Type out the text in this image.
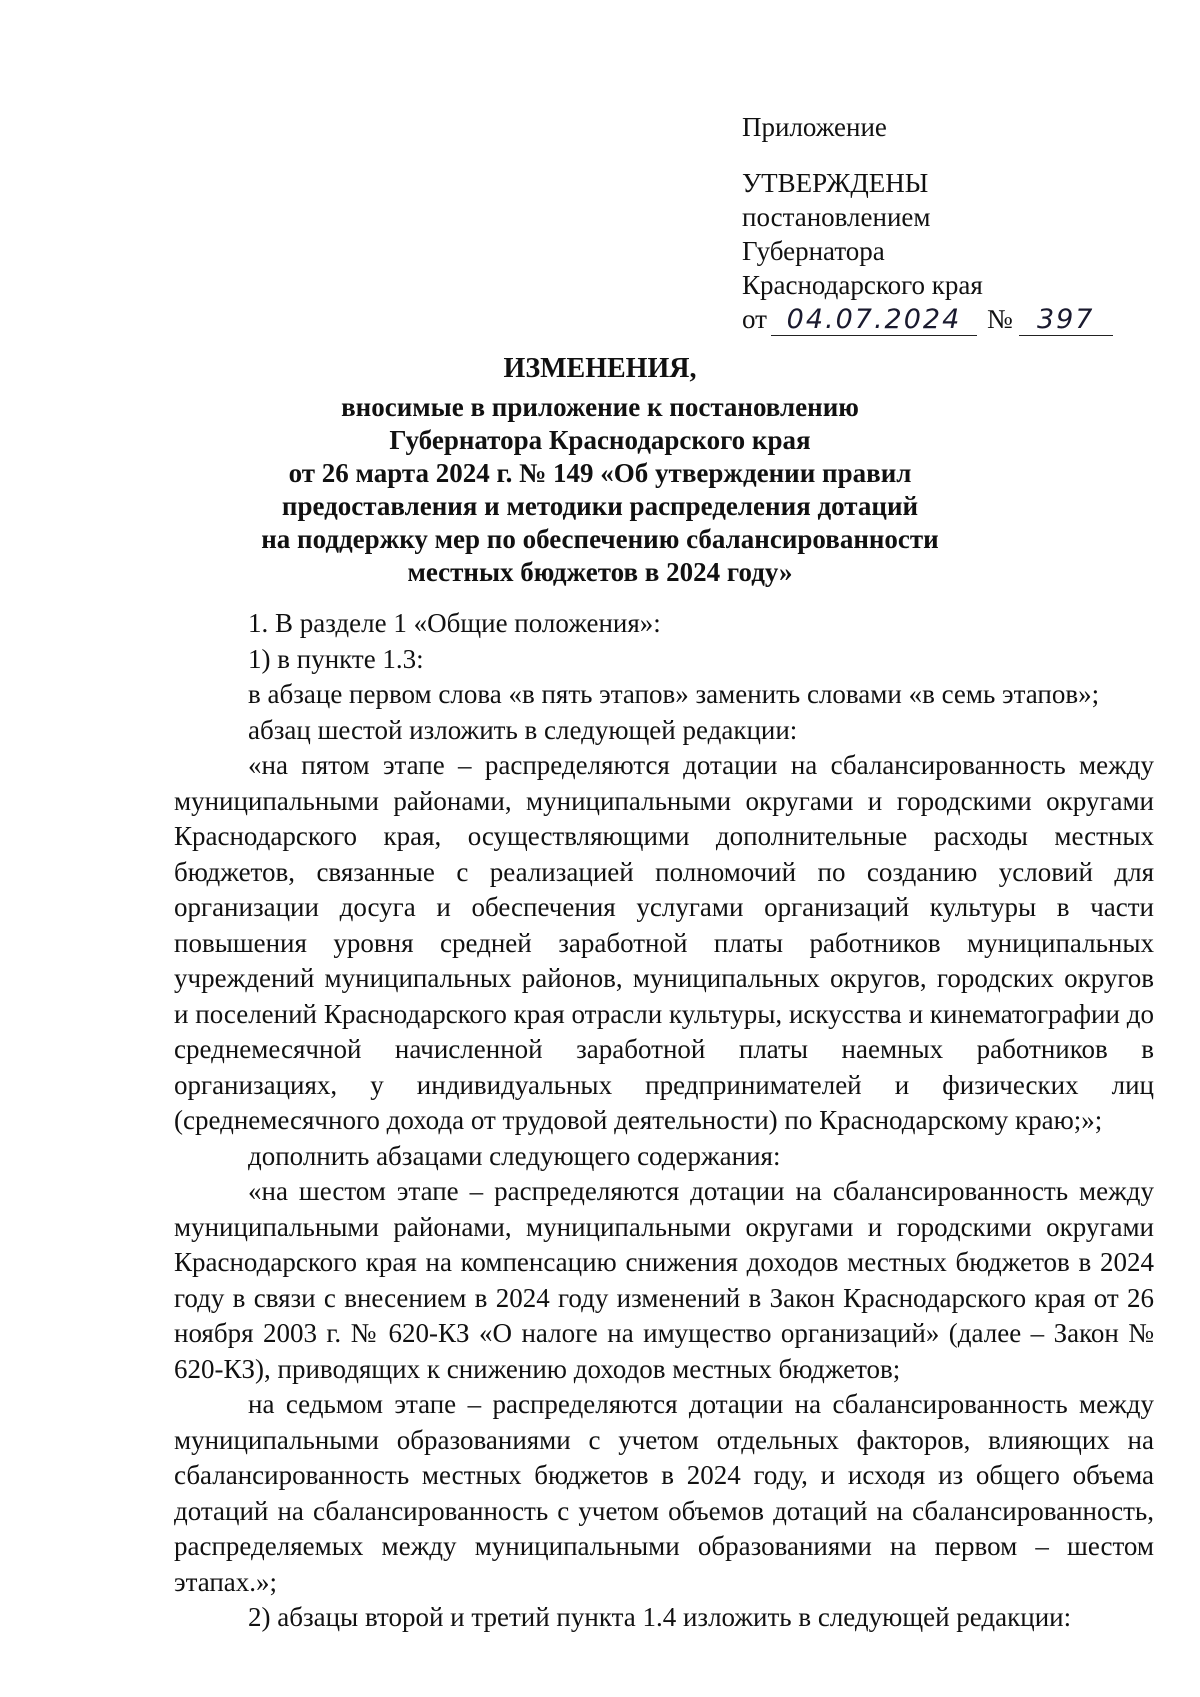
Приложение
УТВЕРЖДЕНЫ
постановлением
Губернатора
Краснодарского края
от 04.07.2024 № 397
ИЗМЕНЕНИЯ,
вносимые в приложение к постановлению
Губернатора Краснодарского края
от 26 марта 2024 г. № 149 «Об утверждении правил
предоставления и методики распределения дотаций
на поддержку мер по обеспечению сбалансированности
местных бюджетов в 2024 году»

1. В разделе 1 «Общие положения»:

1) в пункте 1.3:

в абзаце первом слова «в пять этапов» заменить словами «в семь этапов»;

абзац шестой изложить в следующей редакции:

«на пятом этапе – распределяются дотации на сбалансированность между муниципальными районами, муниципальными округами и городскими округами Краснодарского края, осуществляющими дополнительные расходы местных бюджетов, связанные с реализацией полномочий по созданию условий для организации досуга и обеспечения услугами организаций культуры в части повышения уровня средней заработной платы работников муниципальных учреждений муниципальных районов, муниципальных округов, городских округов и поселений Краснодарского края отрасли культуры, искусства и кинематографии до среднемесячной начисленной заработной платы наемных работников в организациях, у индивидуальных предпринимателей и физических лиц (среднемесячного дохода от трудовой деятельности) по Краснодарскому краю;»;

дополнить абзацами следующего содержания:

«на шестом этапе – распределяются дотации на сбалансированность между муниципальными районами, муниципальными округами и городскими округами Краснодарского края на компенсацию снижения доходов местных бюджетов в 2024 году в связи с внесением в 2024 году изменений в Закон Краснодарского края от 26 ноября 2003 г. № 620-КЗ «О налоге на имущество организаций» (далее – Закон № 620-КЗ), приводящих к снижению доходов местных бюджетов;

на седьмом этапе – распределяются дотации на сбалансированность между муниципальными образованиями с учетом отдельных факторов, влияющих на сбалансированность местных бюджетов в 2024 году, и исходя из общего объема дотаций на сбалансированность с учетом объемов дотаций на сбалансированность, распределяемых между муниципальными образованиями на первом – шестом этапах.»;

2) абзацы второй и третий пункта 1.4 изложить в следующей редакции:
